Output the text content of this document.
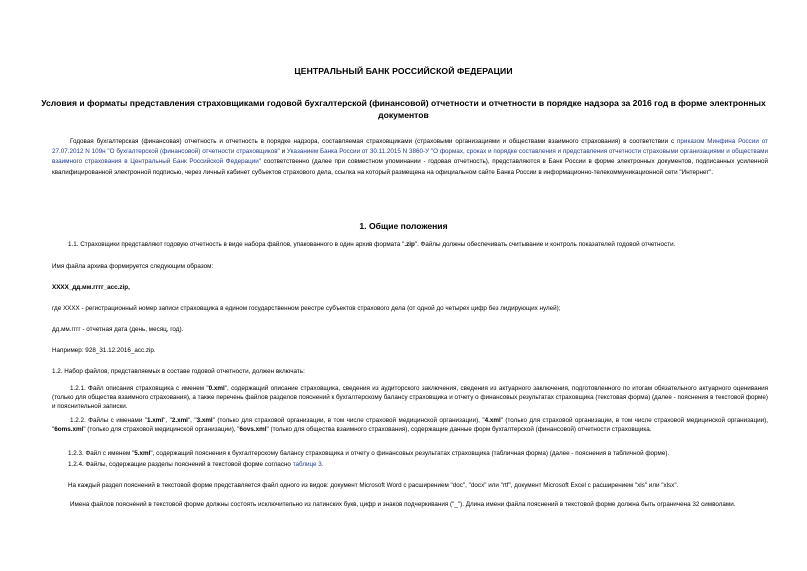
ЦЕНТРАЛЬНЫЙ БАНК РОССИЙСКОЙ ФЕДЕРАЦИИ
Условия и форматы представления страховщиками годовой бухгалтерской (финансовой) отчетности и отчетности в порядке надзора за 2016 год в форме электронных документов
Годовая бухгалтерская (финансовая) отчетность и отчетность в порядке надзора, составляемая страховщиками (страховыми организациями и обществами взаимного страхования) в соответствии с приказом Минфина России от 27.07.2012 N 109н "О бухгалтерской (финансовой) отчетности страховщиков" и Указанием Банка России от 30.11.2015 N 3860-У "О формах, сроках и порядке составления и представления отчетности страховыми организациями и обществами взаимного страхования в Центральный Банк Российской Федерации" соответственно (далее при совместном упоминании - годовая отчетность), представляются в Банк России в форме электронных документов, подписанных усиленной квалифицированной электронной подписью, через личный кабинет субъектов страхового дела, ссылка на который размещена на официальном сайте Банка России в информационно-телекоммуникационной сети "Интернет".
1. Общие положения
1.1. Страховщики представляют годовую отчетность в виде набора файлов, упакованного в один архив формата ".zip". Файлы должны обеспечивать считывание и контроль показателей годовой отчетности.
Имя файла архива формируется следующим образом:
XXXX_дд.мм.гггг_acc.zip,
где XXXX - регистрационный номер записи страховщика в едином государственном реестре субъектов страхового дела (от одной до четырех цифр без лидирующих нулей);
дд.мм.гггг - отчетная дата (день, месяц, год).
Например: 928_31.12.2016_acc.zip.
1.2. Набор файлов, представляемых в составе годовой отчетности, должен включать:
1.2.1. Файл описания страховщика с именем "0.xml", содержащий описание страховщика, сведения из аудиторского заключения, сведения из актуарного заключения, подготовленного по итогам обязательного актуарного оценивания (только для общества взаимного страхования), а также перечень файлов разделов пояснений к бухгалтерскому балансу страховщика и отчету о финансовых результатах страховщика (текстовая форма) (далее - пояснения в текстовой форме) и пояснительной записки.
1.2.2. Файлы с именами "1.xml", "2.xml", "3.xml" (только для страховой организации, в том числе страховой медицинской организации), "4.xml" (только для страховой организации, в том числе страховой медицинской организации), "6oms.xml" (только для страховой медицинской организации), "6ovs.xml" (только для общества взаимного страхования), содержащие данные форм бухгалтерской (финансовой) отчетности страховщика.
1.2.3. Файл с именем "5.xml", содержащий пояснения к бухгалтерскому балансу страховщика и отчету о финансовых результатах страховщика (табличная форма) (далее - пояснения в табличной форме).
1.2.4. Файлы, содержащие разделы пояснений в текстовой форме согласно таблице 3.
На каждый раздел пояснений в текстовой форме представляется файл одного из видов: документ Microsoft Word с расширением "doc", "docx" или "rtf", документ Microsoft Excel с расширением "xls" или "xlsx".
Имена файлов пояснений в текстовой форме должны состоять исключительно из латинских букв, цифр и знаков подчеркивания ("_"). Длина имени файла пояснений в текстовой форме должна быть ограничена 32 символами.
